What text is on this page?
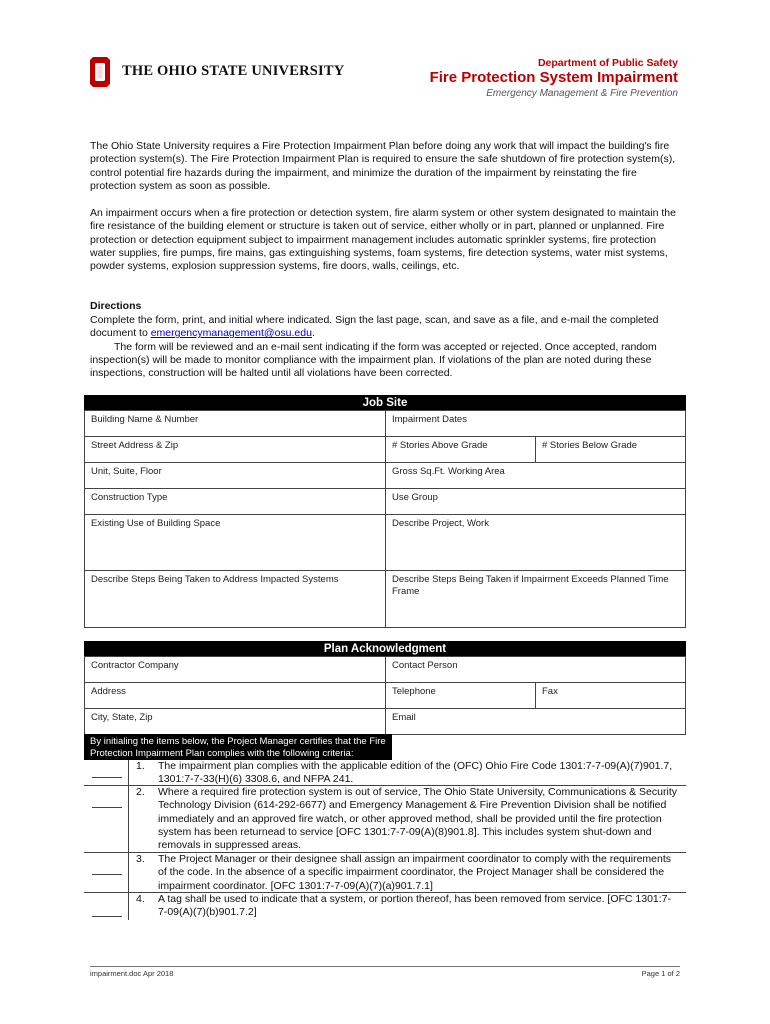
THE OHIO STATE UNIVERSITY	Department of Public Safety
Fire Protection System Impairment
Emergency Management & Fire Prevention
The Ohio State University requires a Fire Protection Impairment Plan before doing any work that will impact the building's fire protection system(s). The Fire Protection Impairment Plan is required to ensure the safe shutdown of fire protection system(s), control potential fire hazards during the impairment, and minimize the duration of the impairment by reinstating the fire protection system as soon as possible.
An impairment occurs when a fire protection or detection system, fire alarm system or other system designated to maintain the fire resistance of the building element or structure is taken out of service, either wholly or in part, planned or unplanned. Fire protection or detection equipment subject to impairment management includes automatic sprinkler systems, fire protection water supplies, fire pumps, fire mains, gas extinguishing systems, foam systems, fire detection systems, water mist systems, powder systems, explosion suppression systems, fire doors, walls, ceilings, etc.
Directions
Complete the form, print, and initial where indicated. Sign the last page, scan, and save as a file, and e-mail the completed document to emergencymanagement@osu.edu.
The form will be reviewed and an e-mail sent indicating if the form was accepted or rejected. Once accepted, random inspection(s) will be made to monitor compliance with the impairment plan. If violations of the plan are noted during these inspections, construction will be halted until all violations have been corrected.
Job Site
Building Name & Number	Impairment Dates
Street Address & Zip	# Stories Above Grade	# Stories Below Grade
Unit, Suite, Floor	Gross Sq.Ft. Working Area
Construction Type	Use Group
Existing Use of Building Space	Describe Project, Work
Describe Steps Being Taken to Address Impacted Systems	Describe Steps Being Taken if Impairment Exceeds Planned Time Frame
Plan Acknowledgment
Contractor Company	Contact Person
Address	Telephone	Fax
City, State, Zip	Email
By initialing the items below, the Project Manager certifies that the Fire Protection Impairment Plan complies with the following criteria:
1. The impairment plan complies with the applicable edition of the (OFC) Ohio Fire Code 1301:7-7-09(A)(7)901.7, 1301:7-7-33(H)(6) 3308.6, and NFPA 241.
2. Where a required fire protection system is out of service, The Ohio State University, Communications & Security Technology Division (614-292-6677) and Emergency Management & Fire Prevention Division shall be notified immediately and an approved fire watch, or other approved method, shall be provided until the fire protection system has been returnead to service [OFC 1301:7-7-09(A)(8)901.8]. This includes system shut-down and removals in suppressed areas.
3. The Project Manager or their designee shall assign an impairment coordinator to comply with the requirements of the code. In the absence of a specific impairment coordinator, the Project Manager shall be considered the impairment coordinator. [OFC 1301:7-7-09(A)(7)(a)901.7.1]
4. A tag shall be used to indicate that a system, or portion thereof, has been removed from service. [OFC 1301:7-7-09(A)(7)(b)901.7.2]
impairment.doc Apr 2018	Page 1 of 2
